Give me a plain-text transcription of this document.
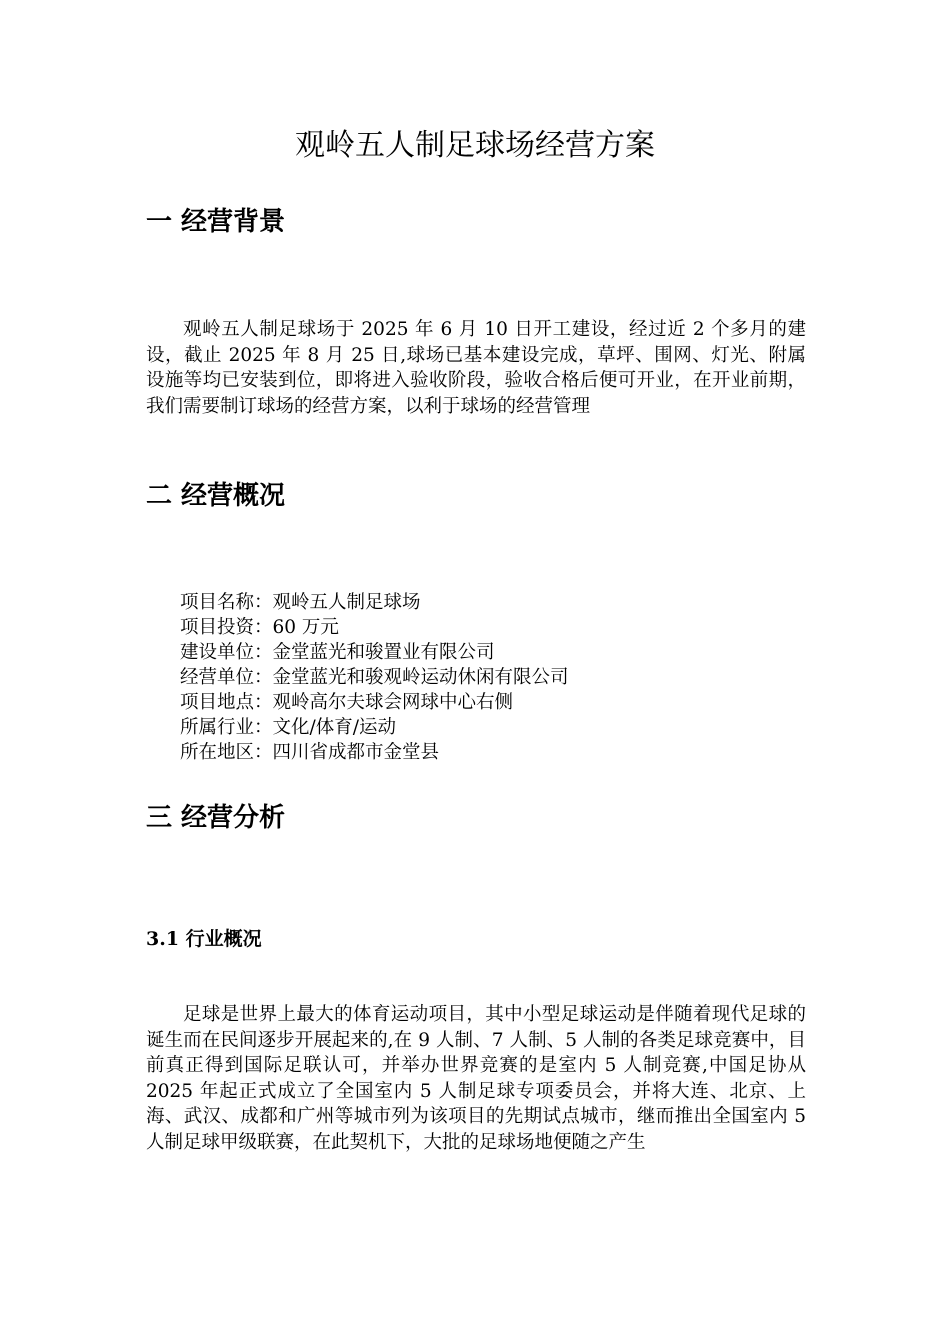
观岭五人制足球场经营方案
一 经营背景

观岭五人制足球场于 2025 年 6 月 10 日开工建设，经过近 2 个多月的建设，截止 2025 年 8 月 25 日,球场已基本建设完成，草坪、围网、灯光、附属设施等均已安装到位，即将进入验收阶段，验收合格后便可开业，在开业前期，我们需要制订球场的经营方案，以利于球场的经营管理

二 经营概况
项目名称：观岭五人制足球场
项目投资：60 万元
建设单位：金堂蓝光和骏置业有限公司
经营单位：金堂蓝光和骏观岭运动休闲有限公司
项目地点：观岭高尔夫球会网球中心右侧
所属行业：文化/体育/运动
所在地区：四川省成都市金堂县
三 经营分析
3.1 行业概况

足球是世界上最大的体育运动项目，其中小型足球运动是伴随着现代足球的诞生而在民间逐步开展起来的,在 9 人制、7 人制、5 人制的各类足球竞赛中，目前真正得到国际足联认可，并举办世界竞赛的是室内 5 人制竞赛,中国足协从 2025 年起正式成立了全国室内 5 人制足球专项委员会，并将大连、北京、上海、武汉、成都和广州等城市列为该项目的先期试点城市，继而推出全国室内 5 人制足球甲级联赛，在此契机下，大批的足球场地便随之产生
